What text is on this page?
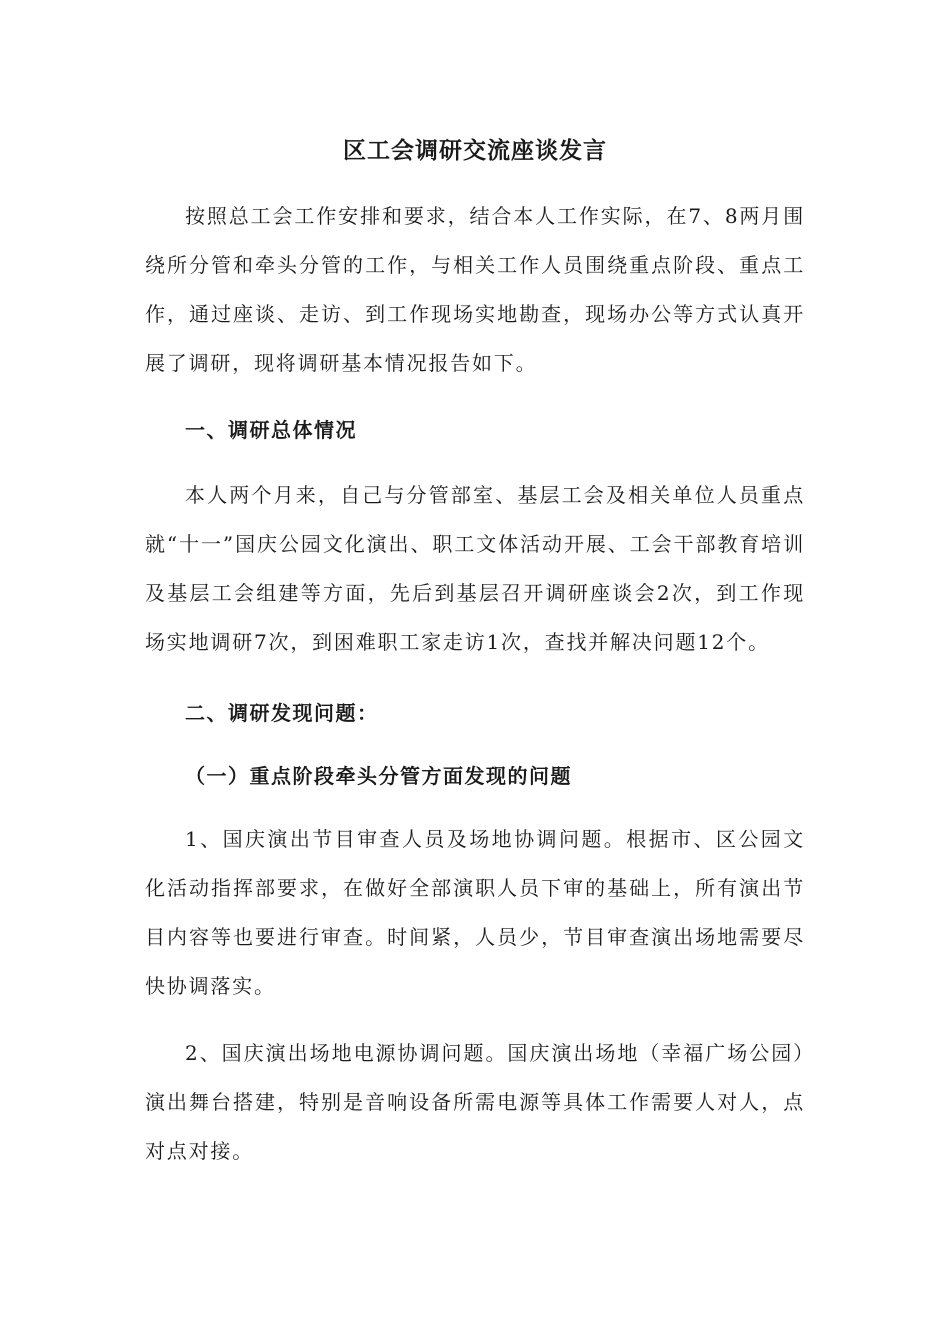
区工会调研交流座谈发言

按照总工会工作安排和要求，结合本人工作实际，在7、8两月围绕所分管和牵头分管的工作，与相关工作人员围绕重点阶段、重点工作，通过座谈、走访、到工作现场实地勘查，现场办公等方式认真开展了调研，现将调研基本情况报告如下。

一、调研总体情况

本人两个月来，自己与分管部室、基层工会及相关单位人员重点就“十一”国庆公园文化演出、职工文体活动开展、工会干部教育培训及基层工会组建等方面，先后到基层召开调研座谈会2次，到工作现场实地调研7次，到困难职工家走访1次，查找并解决问题12个。

二、调研发现问题：

（一）重点阶段牵头分管方面发现的问题

1、国庆演出节目审查人员及场地协调问题。根据市、区公园文化活动指挥部要求，在做好全部演职人员下审的基础上，所有演出节目内容等也要进行审查。时间紧，人员少，节目审查演出场地需要尽快协调落实。

2、国庆演出场地电源协调问题。国庆演出场地（幸福广场公园）演出舞台搭建，特别是音响设备所需电源等具体工作需要人对人，点对点对接。
